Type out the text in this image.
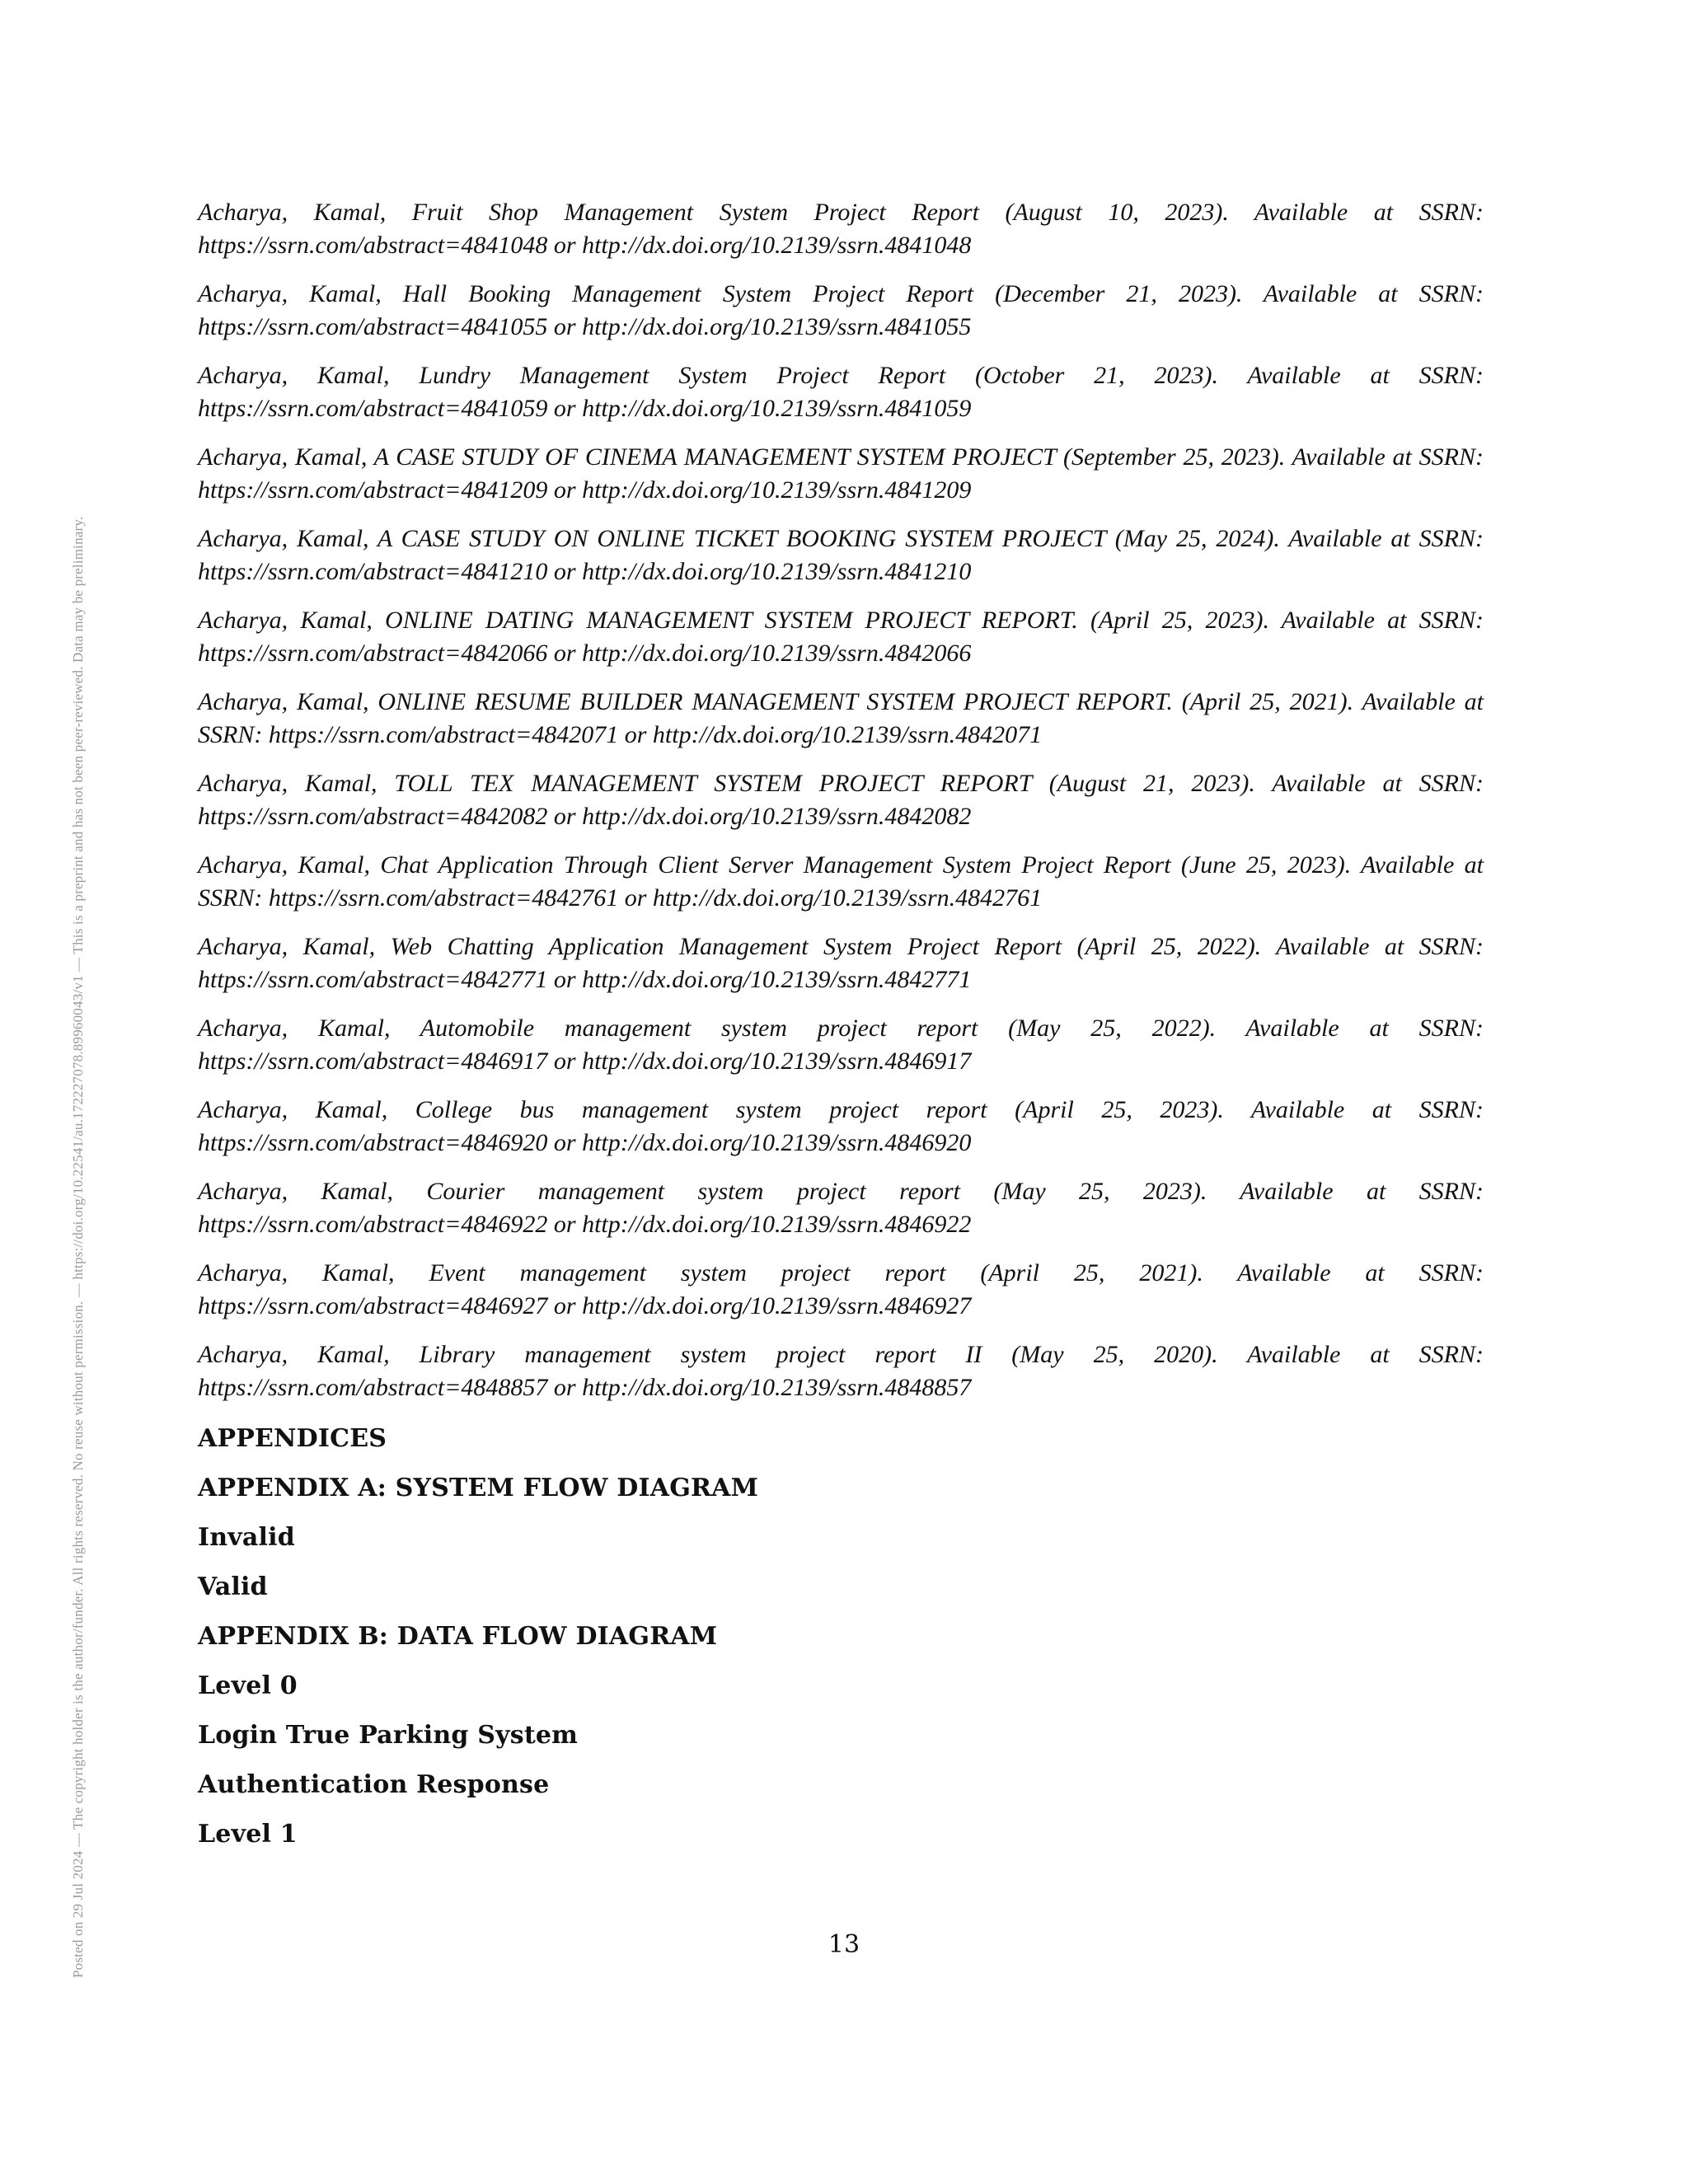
Posted on 29 Jul 2024 — The copyright holder is the author/funder. All rights reserved. No reuse without permission. — https://doi.org/10.22541/au.172227078.89960043/v1 — This is a preprint and has not been peer-reviewed. Data may be preliminary.
Acharya, Kamal, Fruit Shop Management System Project Report (August 10, 2023). Available at SSRN: https://ssrn.com/abstract=4841048 or http://dx.doi.org/10.2139/ssrn.4841048
Acharya, Kamal, Hall Booking Management System Project Report (December 21, 2023). Available at SSRN: https://ssrn.com/abstract=4841055 or http://dx.doi.org/10.2139/ssrn.4841055
Acharya, Kamal, Lundry Management System Project Report (October 21, 2023). Available at SSRN: https://ssrn.com/abstract=4841059 or http://dx.doi.org/10.2139/ssrn.4841059
Acharya, Kamal, A CASE STUDY OF CINEMA MANAGEMENT SYSTEM PROJECT (September 25, 2023). Available at SSRN: https://ssrn.com/abstract=4841209 or http://dx.doi.org/10.2139/ssrn.4841209
Acharya, Kamal, A CASE STUDY ON ONLINE TICKET BOOKING SYSTEM PROJECT (May 25, 2024). Available at SSRN: https://ssrn.com/abstract=4841210 or http://dx.doi.org/10.2139/ssrn.4841210
Acharya, Kamal, ONLINE DATING MANAGEMENT SYSTEM PROJECT REPORT. (April 25, 2023). Available at SSRN: https://ssrn.com/abstract=4842066 or http://dx.doi.org/10.2139/ssrn.4842066
Acharya, Kamal, ONLINE RESUME BUILDER MANAGEMENT SYSTEM PROJECT REPORT. (April 25, 2021). Available at SSRN: https://ssrn.com/abstract=4842071 or http://dx.doi.org/10.2139/ssrn.4842071
Acharya, Kamal, TOLL TEX MANAGEMENT SYSTEM PROJECT REPORT (August 21, 2023). Available at SSRN: https://ssrn.com/abstract=4842082 or http://dx.doi.org/10.2139/ssrn.4842082
Acharya, Kamal, Chat Application Through Client Server Management System Project Report (June 25, 2023). Available at SSRN: https://ssrn.com/abstract=4842761 or http://dx.doi.org/10.2139/ssrn.4842761
Acharya, Kamal, Web Chatting Application Management System Project Report (April 25, 2022). Available at SSRN: https://ssrn.com/abstract=4842771 or http://dx.doi.org/10.2139/ssrn.4842771
Acharya, Kamal, Automobile management system project report (May 25, 2022). Available at SSRN: https://ssrn.com/abstract=4846917 or http://dx.doi.org/10.2139/ssrn.4846917
Acharya, Kamal, College bus management system project report (April 25, 2023). Available at SSRN: https://ssrn.com/abstract=4846920 or http://dx.doi.org/10.2139/ssrn.4846920
Acharya, Kamal, Courier management system project report (May 25, 2023). Available at SSRN: https://ssrn.com/abstract=4846922 or http://dx.doi.org/10.2139/ssrn.4846922
Acharya, Kamal, Event management system project report (April 25, 2021). Available at SSRN: https://ssrn.com/abstract=4846927 or http://dx.doi.org/10.2139/ssrn.4846927
Acharya, Kamal, Library management system project report II (May 25, 2020). Available at SSRN: https://ssrn.com/abstract=4848857 or http://dx.doi.org/10.2139/ssrn.4848857
APPENDICES
APPENDIX A: SYSTEM FLOW DIAGRAM
Invalid
Valid
APPENDIX B: DATA FLOW DIAGRAM
Level 0
Login True Parking System
Authentication Response
Level 1
13
